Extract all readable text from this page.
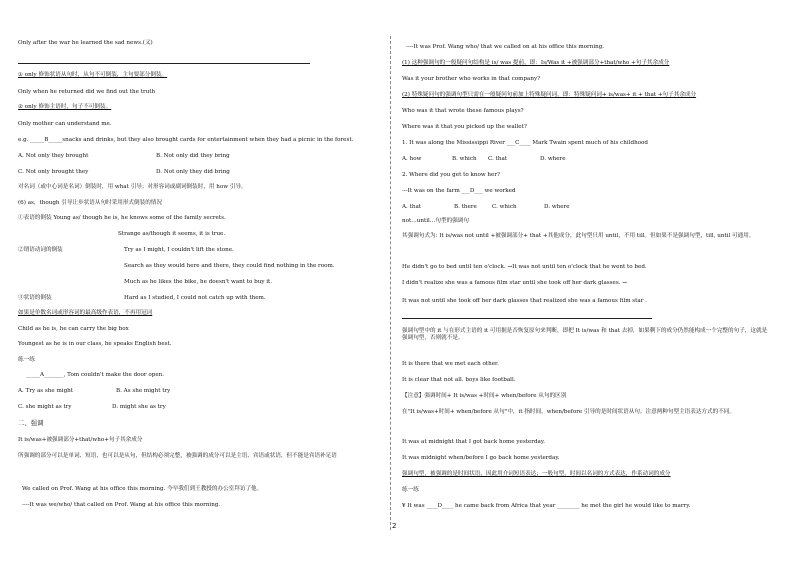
Only after the war he learned the sad news.(又)
① only 修饰状语从句时，从句不可倒装，主句要部分倒装。
Only when he returned did we find out the truth
② only 修饰主语时，句子不可倒装。
Only mother can understand me.
e.g. _____B_____snacks and drinks, but they also brought cards for entertainment when they had a picnic in the forest.
A. Not only they brought	B. Not only did they bring
C. Not only brought they	D. Not only they did bring
对名词（或中心词是名词）倒装时，用 what 引导；对形容词或副词倒装时，用 how 引导。
(6) as，though 引导让步状语从句时采用形式倒装的情况
①表语的倒装 Young as/ though he is, he knows some of the family secrets.
Strange as/though it seems, it is true.
②谓语动词的倒装	Try as I might, I couldn't lift the stone.
Search as they would here and there, they could find nothing in the room.
Much as he likes the bike, he doesn't want to buy it.
③状语的倒装	Hard as I studied, I could not catch up with them.
如果是单数名词或形容词的最高级作表语，不再用冠词
Child as he is, he can carry the big box
Youngest as he is in our class, he speaks English best.
练一练
_____A_______, Tom couldn't make the door open.
A. Try as she might	B. As she might try
C. she might as try	D. might she as try
二、强调
It is/was+被强调部分+that/who+句子其余成分
所强调的部分可以是单词、短语，也可以是从句，但结构必须完整，被强调的成分可以是主语、宾语或状语，但不能是宾语补足语
We called on Prof. Wang at his office this morning. 今早我们到王教授的办公室拜访了他。
----It was we/who/ that called on Prof. Wang at his office this morning.
----It was Prof. Wang who/ that we called on at his office this morning.
(1) 这种强调句的一般疑问句结构是 is/ was 提前，即：Is/Was it +被强调部分+that/who +句子其余成分
Was it your brother who works in that company?
(2) 特殊疑问句的强调句型只需在一般疑问句前加上特殊疑问词，即：特殊疑问词+ is/was+ it + that +句子其余成分
Who was it that wrote these famous plays?
Where was it that you picked up the wallet?
1. It was along the Mississippi River ___C____ Mark Twain spent much of his childhood
A. how	B. which C. that	D. where
2. Where did you get to know her?
---It was on the farm ___D___ we worked
A. that	B. there	C. which	D. where
not…until…句型的强调句
其强调句式为: It is/was not until +被强调部分+ that +其他成分，此句型只用 until，不用 till。但如果不是强调句型，till, until 可通用。
He didn't go to bed until ten o'clock. →It was not until ten o'clock that he went to bed.
I didn't realize she was a famous film star until she took off her dark glasses. →
It was not until she took off her dark glasses that realized she was a famous film star .
强调句型中的 it 与在形式主语的 it 可用据是否恢复原句来判断，即把 It is/was 和 that 去掉，如果剩下的成分仍然能构成一个完整的句子，这就是强调句型，否则就不是。
It is there that we met each other.
It is clear that not all. boys like football.
【注意】强调时间+ It is/was +时间+ when/before 从句的区别
在"It is/was+时间+ when/before 从句"中，it 指时间，when/before 引导的是时间状语从句。注意两种句型主语表达方式的不同。
It was at midnight that I got back home yesterday.
It was midnight when/before I go back home yesterday.
强调句型，被强调的是时间状语，因此用介词短语表达；一般句型，时间以名词的方式表达，作系动词的成分
练一练
¥ It was ____D____ he came back from Africa that year ________ he met the girl he would like to marry.
2
